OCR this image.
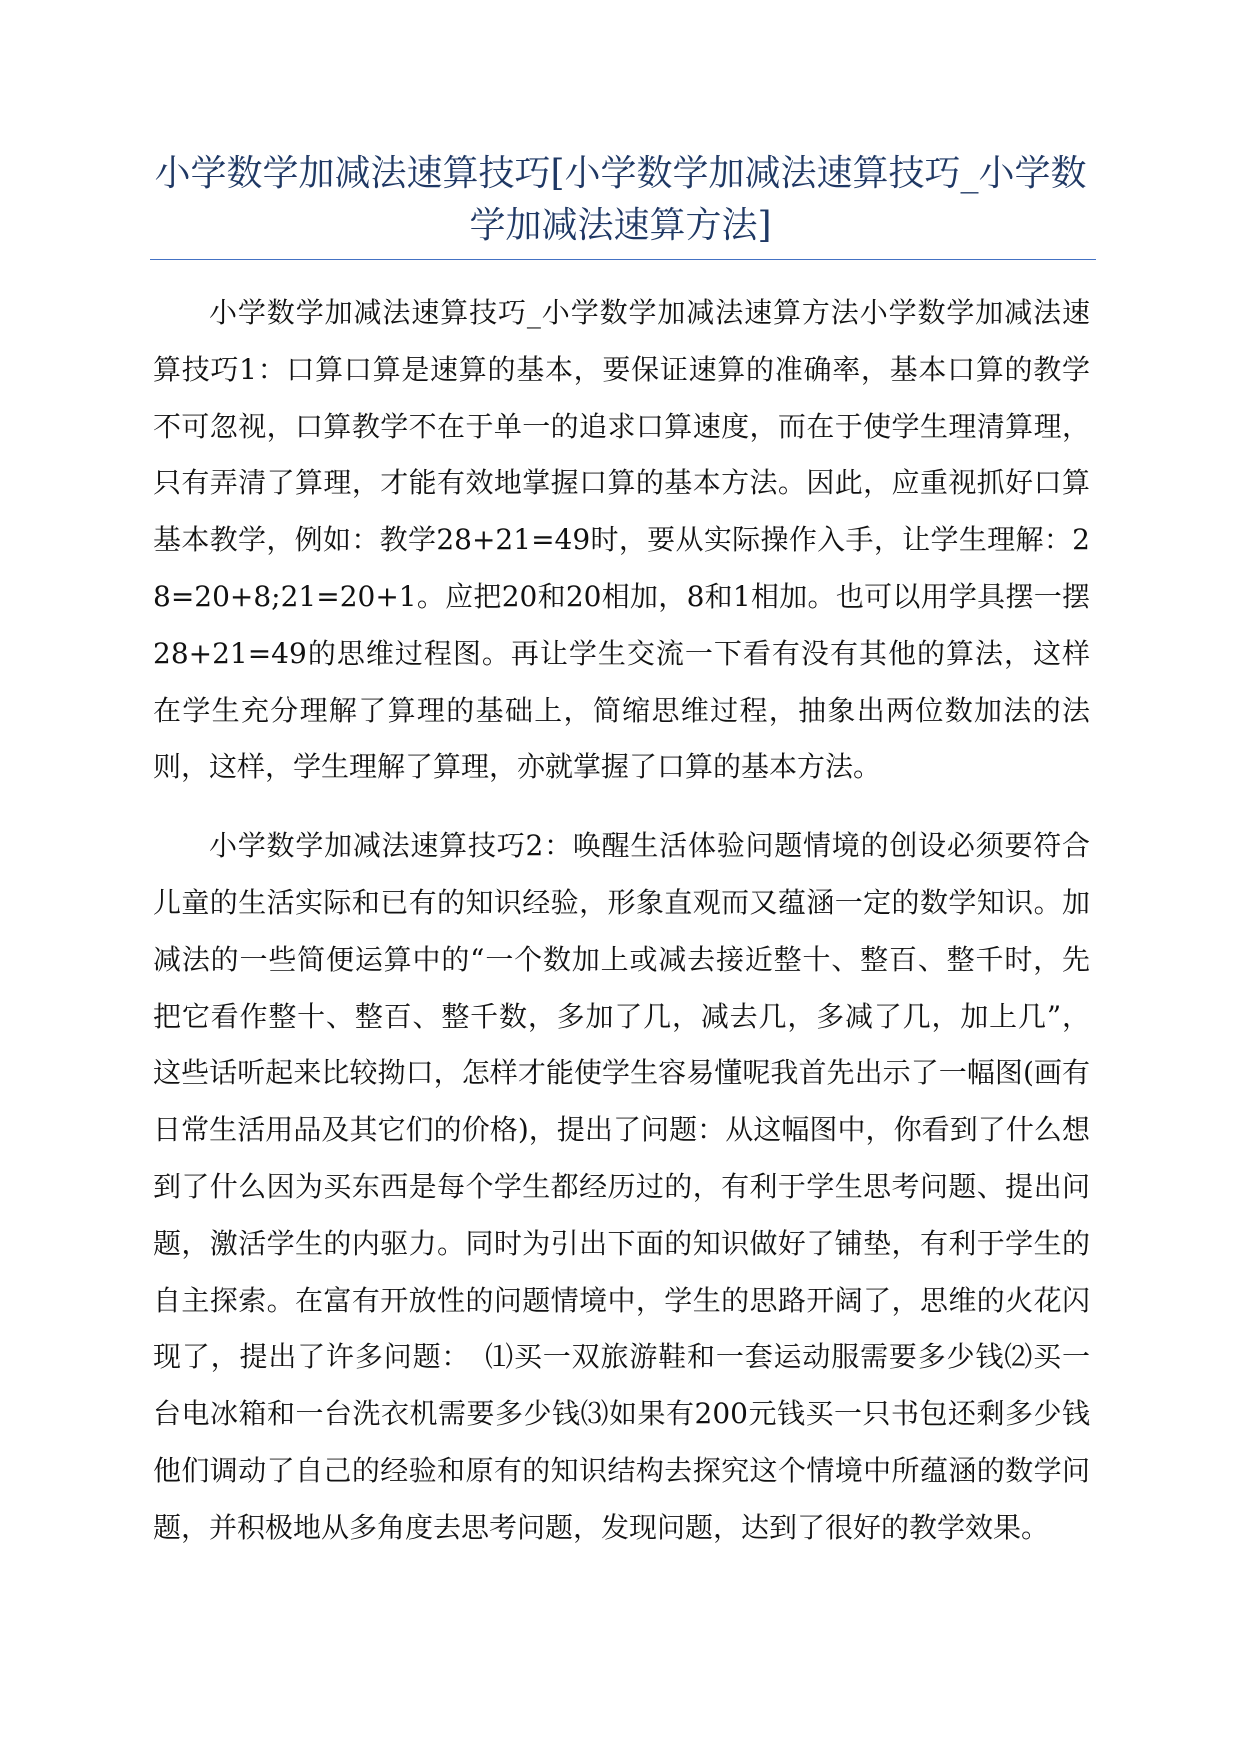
小学数学加减法速算技巧[小学数学加减法速算技巧_小学数学加减法速算方法]

小学数学加减法速算技巧_小学数学加减法速算方法小学数学加减法速算技巧1：口算口算是速算的基本，要保证速算的准确率，基本口算的教学不可忽视，口算教学不在于单一的追求口算速度，而在于使学生理清算理，只有弄清了算理，才能有效地掌握口算的基本方法。因此，应重视抓好口算基本教学，例如：教学28+21=49时，要从实际操作入手，让学生理解：28=20+8;21=20+1。应把20和20相加，8和1相加。也可以用学具摆一摆28+21=49的思维过程图。再让学生交流一下看有没有其他的算法，这样在学生充分理解了算理的基础上，简缩思维过程，抽象出两位数加法的法则，这样，学生理解了算理，亦就掌握了口算的基本方法。

小学数学加减法速算技巧2：唤醒生活体验问题情境的创设必须要符合儿童的生活实际和已有的知识经验，形象直观而又蕴涵一定的数学知识。加减法的一些简便运算中的“一个数加上或减去接近整十、整百、整千时，先把它看作整十、整百、整千数，多加了几，减去几，多减了几，加上几”，这些话听起来比较拗口，怎样才能使学生容易懂呢我首先出示了一幅图(画有日常生活用品及其它们的价格)，提出了问题：从这幅图中，你看到了什么想到了什么因为买东西是每个学生都经历过的，有利于学生思考问题、提出问题，激活学生的内驱力。同时为引出下面的知识做好了铺垫，有利于学生的自主探索。在富有开放性的问题情境中，学生的思路开阔了，思维的火花闪现了，提出了许多问题：　⑴买一双旅游鞋和一套运动服需要多少钱⑵买一台电冰箱和一台洗衣机需要多少钱⑶如果有200元钱买一只书包还剩多少钱他们调动了自己的经验和原有的知识结构去探究这个情境中所蕴涵的数学问题，并积极地从多角度去思考问题，发现问题，达到了很好的教学效果。
